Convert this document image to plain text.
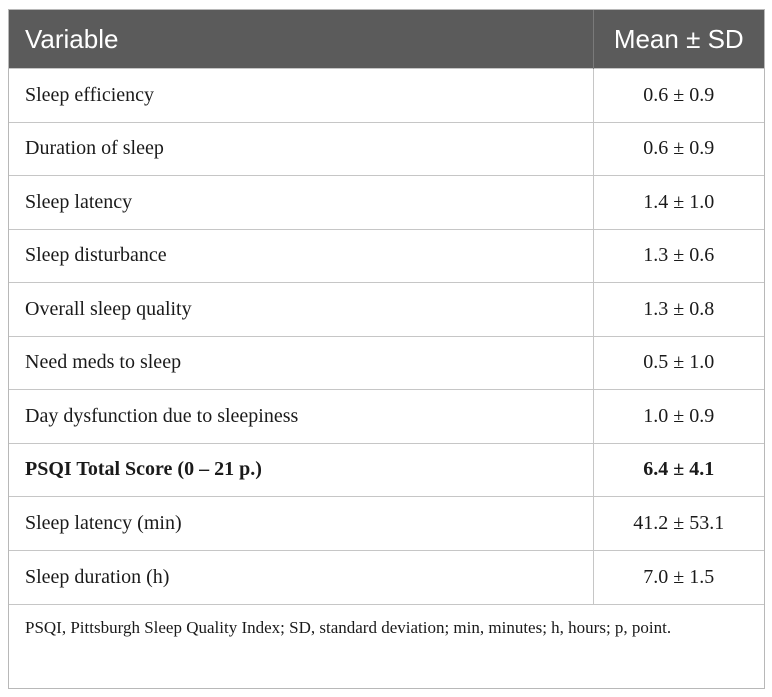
Variable	Mean ± SD
Sleep efficiency	0.6 ± 0.9
Duration of sleep	0.6 ± 0.9
Sleep latency	1.4 ± 1.0
Sleep disturbance	1.3 ± 0.6
Overall sleep quality	1.3 ± 0.8
Need meds to sleep	0.5 ± 1.0
Day dysfunction due to sleepiness	1.0 ± 0.9
PSQI Total Score (0 – 21 p.)	6.4 ± 4.1
Sleep latency (min)	41.2 ± 53.1
Sleep duration (h)	7.0 ± 1.5
PSQI, Pittsburgh Sleep Quality Index; SD, standard deviation; min, minutes; h, hours; p, point.
